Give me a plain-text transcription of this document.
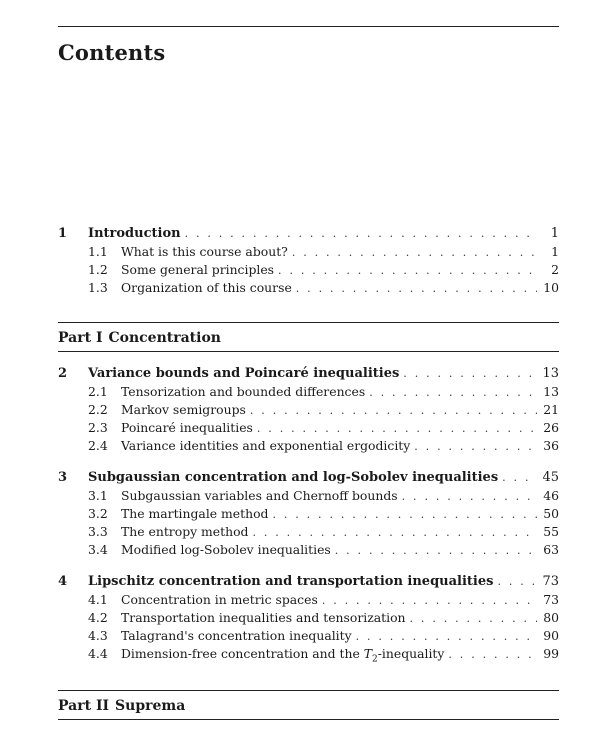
Contents
1	Introduction . . .	1
1.1	What is this course about? . . .	1
1.2	Some general principles . . .	2
1.3	Organization of this course . . .	10
Part I Concentration
2	Variance bounds and Poincaré inequalities . . .	13
2.1	Tensorization and bounded differences . . .	13
2.2	Markov semigroups . . .	21
2.3	Poincaré inequalities . . .	26
2.4	Variance identities and exponential ergodicity . . .	36
3	Subgaussian concentration and log-Sobolev inequalities . . .	45
3.1	Subgaussian variables and Chernoff bounds . . .	46
3.2	The martingale method . . .	50
3.3	The entropy method . . .	55
3.4	Modified log-Sobolev inequalities . . .	63
4	Lipschitz concentration and transportation inequalities . . .	73
4.1	Concentration in metric spaces . . .	73
4.2	Transportation inequalities and tensorization . . .	80
4.3	Talagrand's concentration inequality . . .	90
4.4	Dimension-free concentration and the $T_2$-inequality . . .	99
Part II Suprema
